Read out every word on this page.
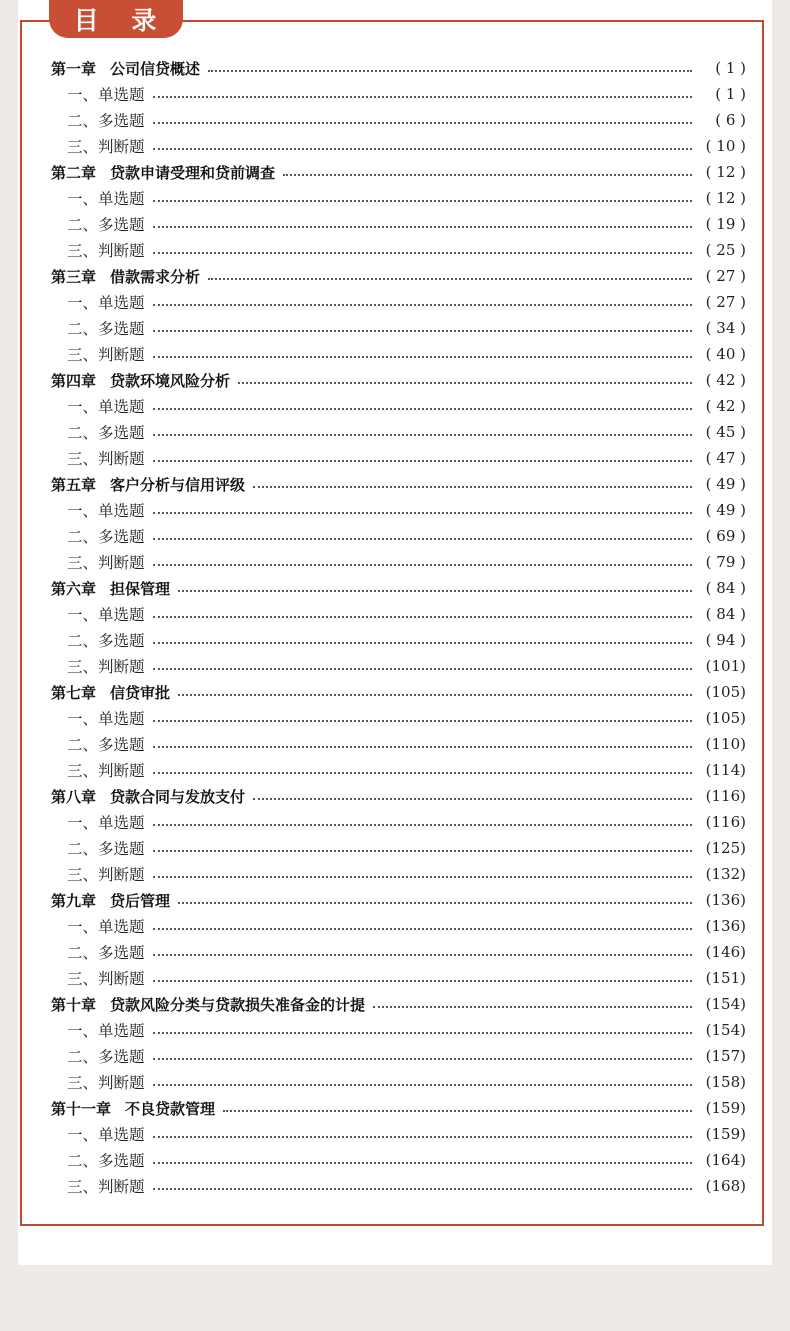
目 录
第一章 公司信贷概述	( 1 )
一、单选题	( 1 )
二、多选题	( 6 )
三、判断题	( 10 )
第二章 贷款申请受理和贷前调查	( 12 )
一、单选题	( 12 )
二、多选题	( 19 )
三、判断题	( 25 )
第三章 借款需求分析	( 27 )
一、单选题	( 27 )
二、多选题	( 34 )
三、判断题	( 40 )
第四章 贷款环境风险分析	( 42 )
一、单选题	( 42 )
二、多选题	( 45 )
三、判断题	( 47 )
第五章 客户分析与信用评级	( 49 )
一、单选题	( 49 )
二、多选题	( 69 )
三、判断题	( 79 )
第六章 担保管理	( 84 )
一、单选题	( 84 )
二、多选题	( 94 )
三、判断题	(101)
第七章 信贷审批	(105)
一、单选题	(105)
二、多选题	(110)
三、判断题	(114)
第八章 贷款合同与发放支付	(116)
一、单选题	(116)
二、多选题	(125)
三、判断题	(132)
第九章 贷后管理	(136)
一、单选题	(136)
二、多选题	(146)
三、判断题	(151)
第十章 贷款风险分类与贷款损失准备金的计提	(154)
一、单选题	(154)
二、多选题	(157)
三、判断题	(158)
第十一章 不良贷款管理	(159)
一、单选题	(159)
二、多选题	(164)
三、判断题	(168)
